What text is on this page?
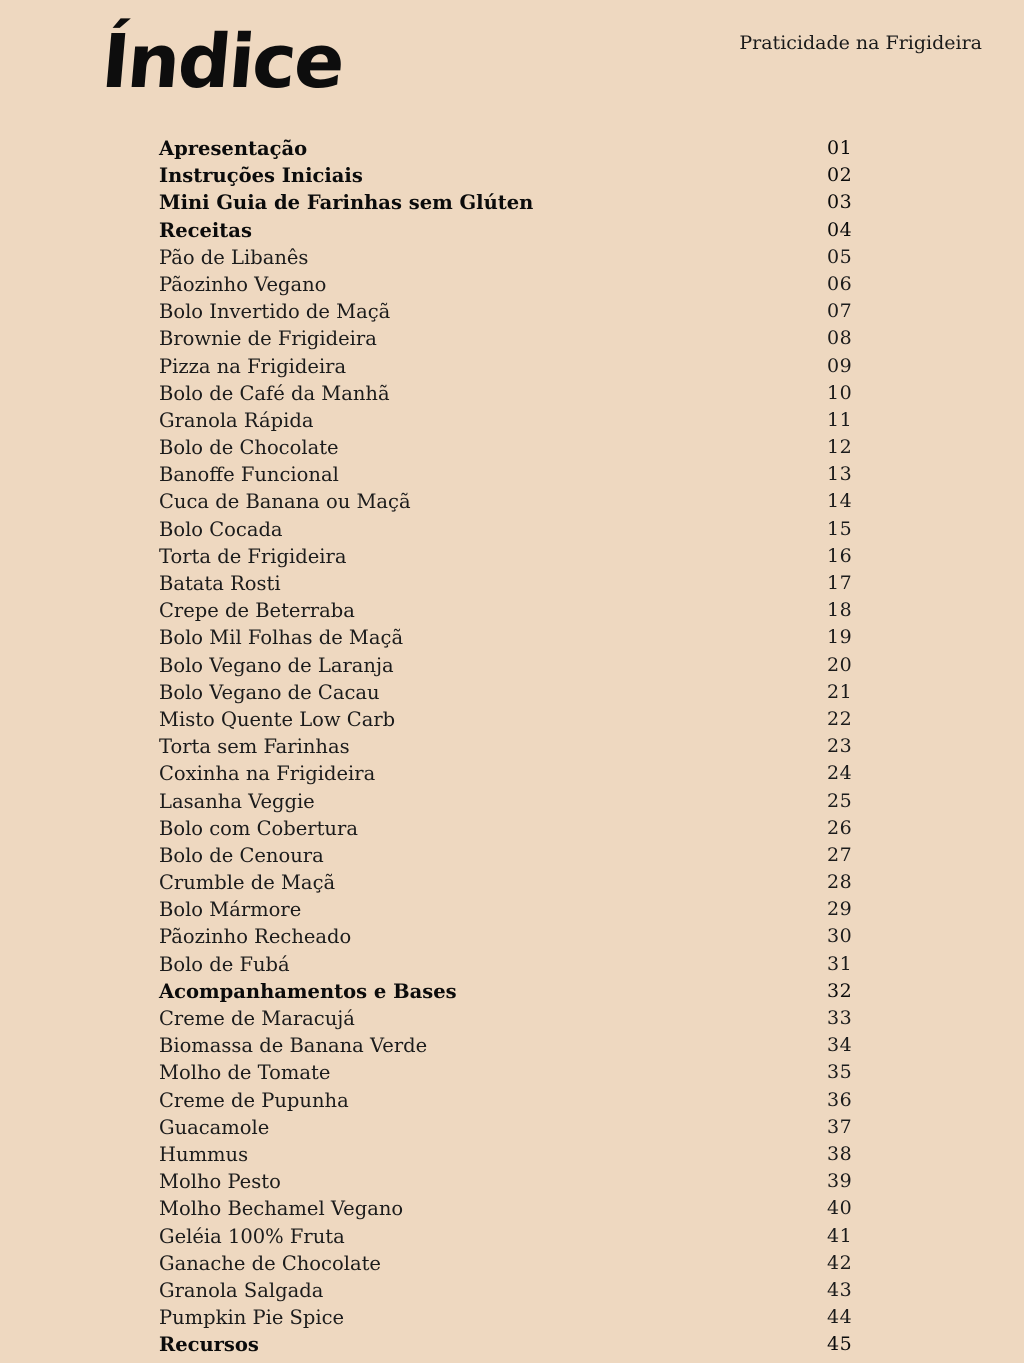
Índice	Praticidade na Frigideira
Apresentação	01
Instruções Iniciais	02
Mini Guia de Farinhas sem Glúten	03
Receitas	04
Pão de Libanês	05
Pãozinho Vegano	06
Bolo Invertido de Maçã	07
Brownie de Frigideira	08
Pizza na Frigideira	09
Bolo de Café da Manhã	10
Granola Rápida	11
Bolo de Chocolate	12
Banoffe Funcional	13
Cuca de Banana ou Maçã	14
Bolo Cocada	15
Torta de Frigideira	16
Batata Rosti	17
Crepe de Beterraba	18
Bolo Mil Folhas de Maçã	19
Bolo Vegano de Laranja	20
Bolo Vegano de Cacau	21
Misto Quente Low Carb	22
Torta sem Farinhas	23
Coxinha na Frigideira	24
Lasanha Veggie	25
Bolo com Cobertura	26
Bolo de Cenoura	27
Crumble de Maçã	28
Bolo Mármore	29
Pãozinho Recheado	30
Bolo de Fubá	31
Acompanhamentos e Bases	32
Creme de Maracujá	33
Biomassa de Banana Verde	34
Molho de Tomate	35
Creme de Pupunha	36
Guacamole	37
Hummus	38
Molho Pesto	39
Molho Bechamel Vegano	40
Geléia 100% Fruta	41
Ganache de Chocolate	42
Granola Salgada	43
Pumpkin Pie Spice	44
Recursos	45
